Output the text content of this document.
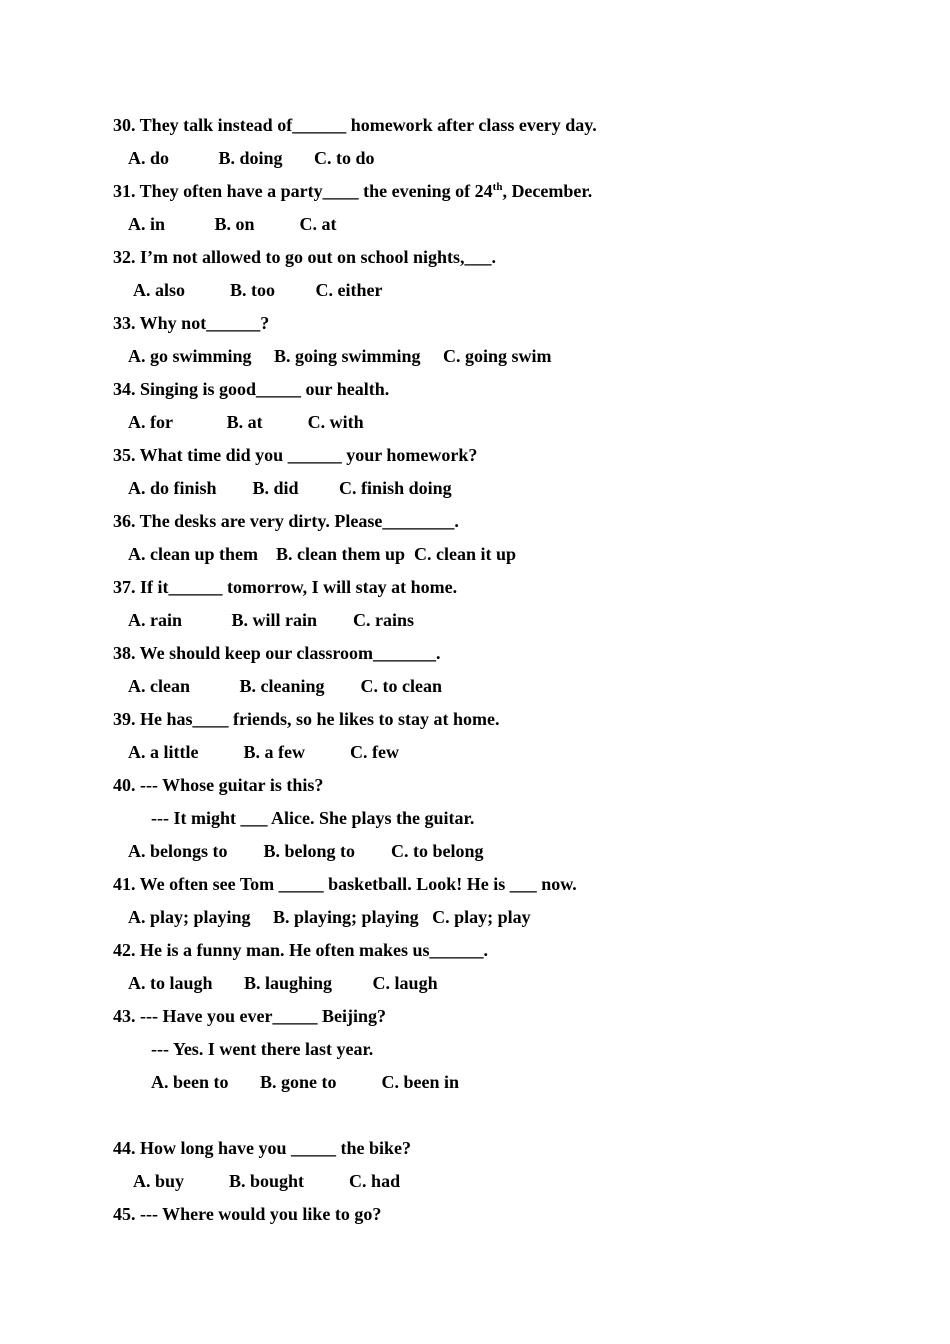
30. They talk instead of______ homework after class every day.
A. do           B. doing       C. to do
31. They often have a party____ the evening of 24th, December.
A. in           B. on          C. at
32. I’m not allowed to go out on school nights,___.
A. also          B. too         C. either
33. Why not______?
A. go swimming     B. going swimming     C. going swim
34. Singing is good_____ our health.
A. for            B. at          C. with
35. What time did you ______ your homework?
A. do finish        B. did         C. finish doing
36. The desks are very dirty. Please________.
A. clean up them    B. clean them up  C. clean it up
37. If it______ tomorrow, I will stay at home.
A. rain           B. will rain        C. rains
38. We should keep our classroom_______.
A. clean           B. cleaning        C. to clean
39. He has____ friends, so he likes to stay at home.
A. a little          B. a few          C. few
40. --- Whose guitar is this?
--- It might ___ Alice. She plays the guitar.
A. belongs to        B. belong to        C. to belong
41. We often see Tom _____ basketball. Look! He is ___ now.
A. play; playing     B. playing; playing   C. play; play
42. He is a funny man. He often makes us______.
A. to laugh       B. laughing         C. laugh
43. --- Have you ever_____ Beijing?
--- Yes. I went there last year.
A. been to       B. gone to          C. been in
44. How long have you _____ the bike?
A. buy          B. bought          C. had
45. --- Where would you like to go?
